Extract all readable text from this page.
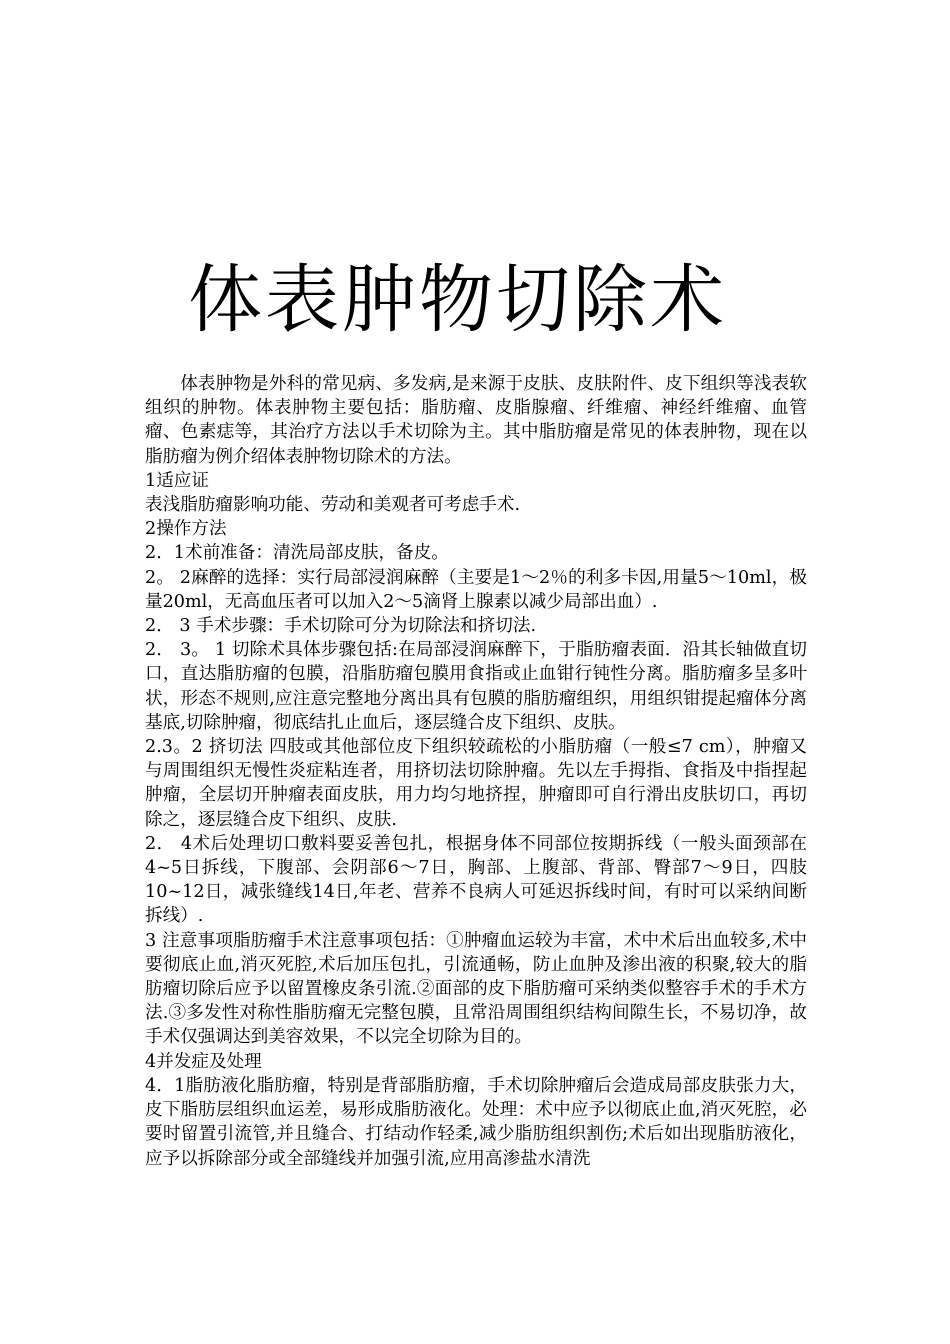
体表肿物切除术

体表肿物是外科的常见病、多发病,是来源于皮肤、皮肤附件、皮下组织等浅表软组织的肿物。体表肿物主要包括：脂肪瘤、皮脂腺瘤、纤维瘤、神经纤维瘤、血管瘤、色素痣等，其治疗方法以手术切除为主。其中脂肪瘤是常见的体表肿物，现在以脂肪瘤为例介绍体表肿物切除术的方法。

1适应证

表浅脂肪瘤影响功能、劳动和美观者可考虑手术.

2操作方法

2．1术前准备：清洗局部皮肤，备皮。

2。 2麻醉的选择：实行局部浸润麻醉（主要是1～2％的利多卡因,用量5～10ml，极量20ml，无高血压者可以加入2～5滴肾上腺素以减少局部出血）.

2． 3 手术步骤：手术切除可分为切除法和挤切法.

2． 3。 1 切除术具体步骤包括:在局部浸润麻醉下，于脂肪瘤表面．沿其长轴做直切口，直达脂肪瘤的包膜，沿脂肪瘤包膜用食指或止血钳行钝性分离。脂肪瘤多呈多叶状，形态不规则,应注意完整地分离出具有包膜的脂肪瘤组织，用组织钳提起瘤体分离基底,切除肿瘤，彻底结扎止血后，逐层缝合皮下组织、皮肤。

2.3。2 挤切法 四肢或其他部位皮下组织较疏松的小脂肪瘤（一般≤7 cm），肿瘤又与周围组织无慢性炎症粘连者，用挤切法切除肿瘤。先以左手拇指、食指及中指捏起肿瘤，全层切开肿瘤表面皮肤，用力均匀地挤捏，肿瘤即可自行滑出皮肤切口，再切除之，逐层缝合皮下组织、皮肤.

2． 4术后处理切口敷料要妥善包扎，根据身体不同部位按期拆线（一般头面颈部在4~5日拆线，下腹部、会阴部6～7日，胸部、上腹部、背部、臀部7～9日，四肢10~12日，减张缝线14日,年老、营养不良病人可延迟拆线时间，有时可以采纳间断拆线）.

3 注意事项脂肪瘤手术注意事项包括：①肿瘤血运较为丰富，术中术后出血较多,术中要彻底止血,消灭死腔,术后加压包扎，引流通畅，防止血肿及渗出液的积聚,较大的脂肪瘤切除后应予以留置橡皮条引流.②面部的皮下脂肪瘤可采纳类似整容手术的手术方法.③多发性对称性脂肪瘤无完整包膜，且常沿周围组织结构间隙生长，不易切净，故手术仅强调达到美容效果，不以完全切除为目的。

4并发症及处理

4．1脂肪液化脂肪瘤，特别是背部脂肪瘤，手术切除肿瘤后会造成局部皮肤张力大，皮下脂肪层组织血运差，易形成脂肪液化。处理：术中应予以彻底止血,消灭死腔，必要时留置引流管,并且缝合、打结动作轻柔,减少脂肪组织割伤;术后如出现脂肪液化，应予以拆除部分或全部缝线并加强引流,应用高渗盐水清洗
